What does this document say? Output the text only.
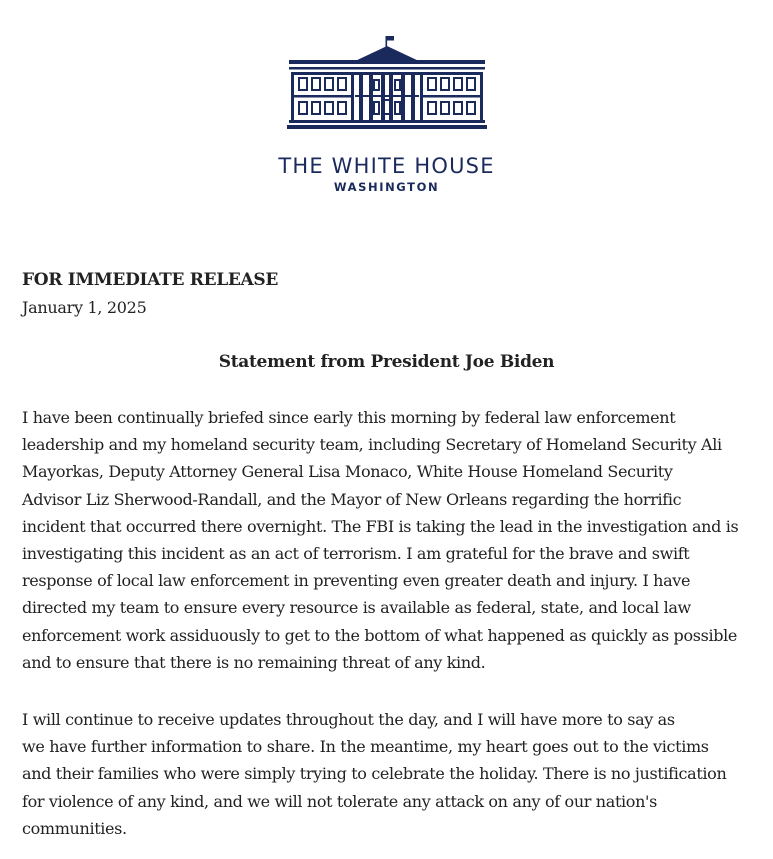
THE WHITE HOUSE
WASHINGTON
FOR IMMEDIATE RELEASE
January 1, 2025
Statement from President Joe Biden

I have been continually briefed since early this morning by federal law enforcement
leadership and my homeland security team, including Secretary of Homeland Security Ali
Mayorkas, Deputy Attorney General Lisa Monaco, White House Homeland Security
Advisor Liz Sherwood-Randall, and the Mayor of New Orleans regarding the horrific
incident that occurred there overnight. The FBI is taking the lead in the investigation and is
investigating this incident as an act of terrorism. I am grateful for the brave and swift
response of local law enforcement in preventing even greater death and injury. I have
directed my team to ensure every resource is available as federal, state, and local law
enforcement work assiduously to get to the bottom of what happened as quickly as possible
and to ensure that there is no remaining threat of any kind.

I will continue to receive updates throughout the day, and I will have more to say as
we have further information to share. In the meantime, my heart goes out to the victims
and their families who were simply trying to celebrate the holiday. There is no justification
for violence of any kind, and we will not tolerate any attack on any of our nation's
communities.
